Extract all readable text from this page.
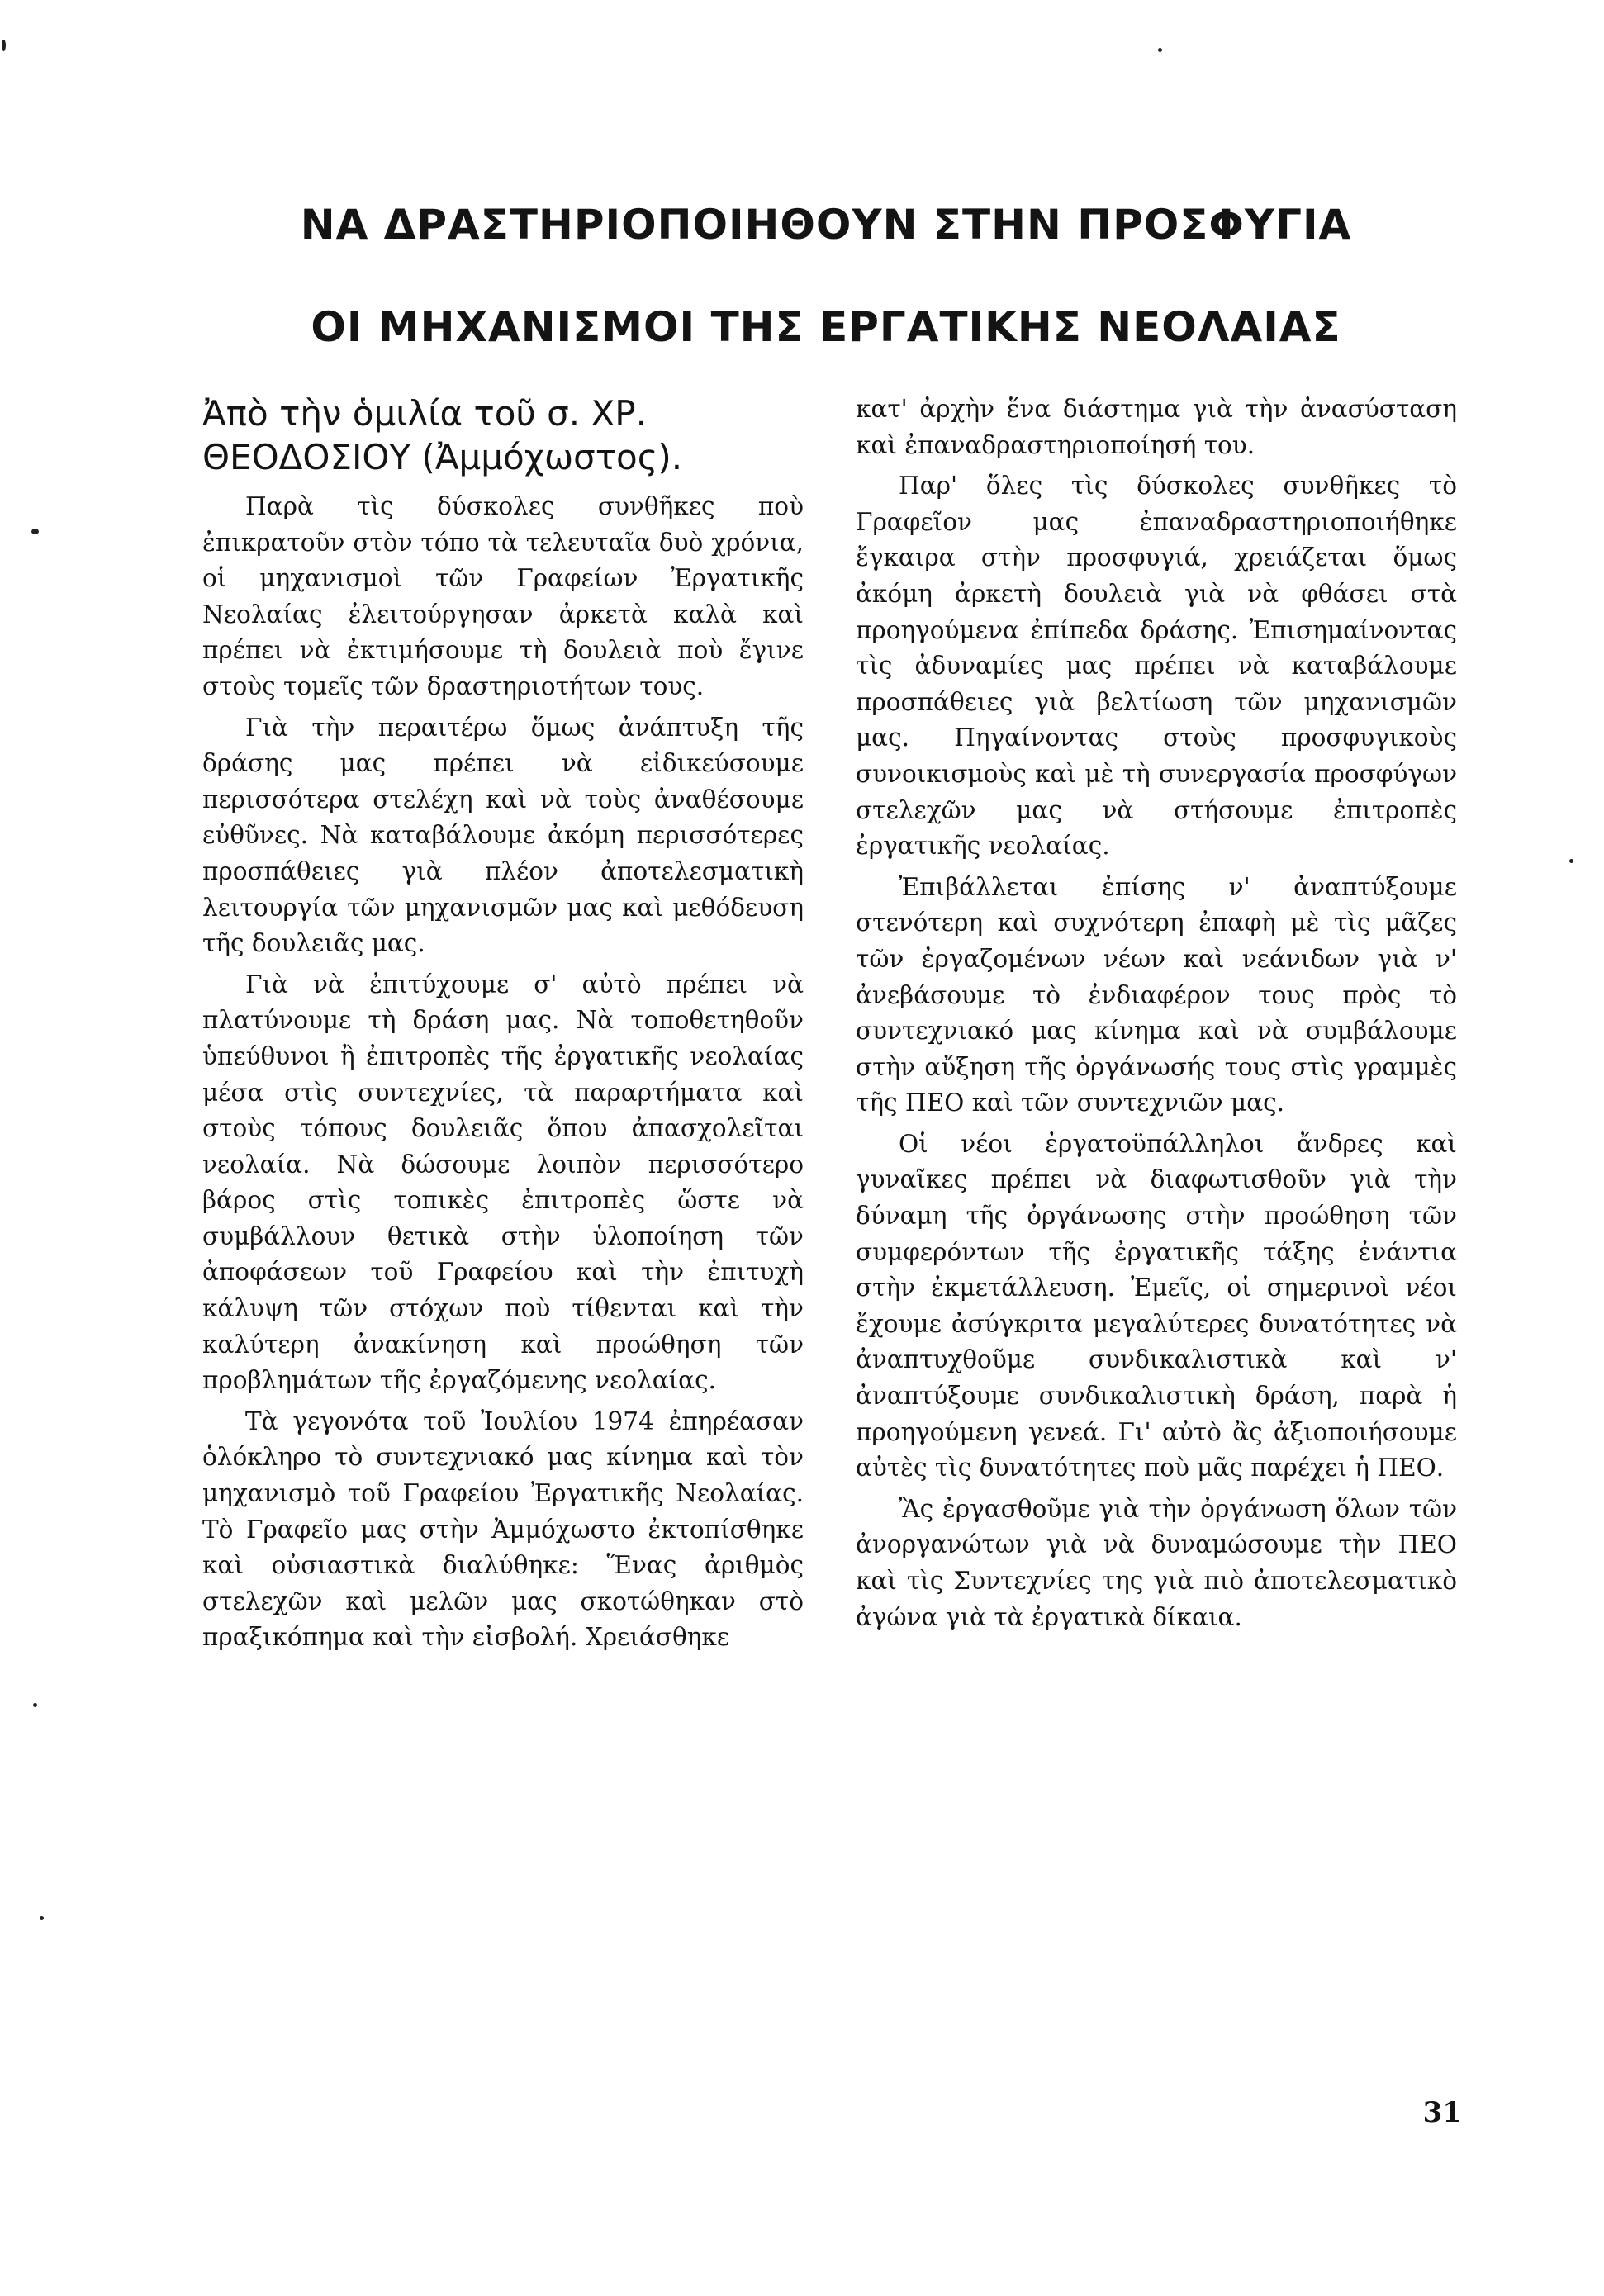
ΝΑ ΔΡΑΣΤΗΡΙΟΠΟΙΗΘΟΥΝ ΣΤΗΝ ΠΡΟΣΦΥΓΙΑ
ΟΙ ΜΗΧΑΝΙΣΜΟΙ ΤΗΣ ΕΡΓΑΤΙΚΗΣ ΝΕΟΛΑΙΑΣ

Ἀπὸ τὴν ὁμιλία τοῦ σ. ΧΡ. ΘΕΟΔΟΣΙΟΥ (Ἀμμόχωστος).

Παρὰ τὶς δύσκολες συνθῆκες ποὺ ἐπικρατοῦν στὸν τόπο τὰ τελευταῖα δυὸ χρόνια, οἱ μηχανισμοὶ τῶν Γραφείων Ἐργατικῆς Νεολαίας ἐλειτούργησαν ἀρκετὰ καλὰ καὶ πρέπει νὰ ἐκτιμήσουμε τὴ δουλειὰ ποὺ ἔγινε στοὺς τομεῖς τῶν δραστηριοτήτων τους.

Γιὰ τὴν περαιτέρω ὅμως ἀνάπτυξη τῆς δράσης μας πρέπει νὰ εἰδικεύσουμε περισσότερα στελέχη καὶ νὰ τοὺς ἀναθέσουμε εὐθῦνες. Νὰ καταβάλουμε ἀκόμη περισσότερες προσπάθειες γιὰ πλέον ἀποτελεσματικὴ λειτουργία τῶν μηχανισμῶν μας καὶ μεθόδευση τῆς δουλειᾶς μας.

Γιὰ νὰ ἐπιτύχουμε σ' αὐτὸ πρέπει νὰ πλατύνουμε τὴ δράση μας. Νὰ τοποθετηθοῦν ὑπεύθυνοι ἢ ἐπιτροπὲς τῆς ἐργατικῆς νεολαίας μέσα στὶς συντεχνίες, τὰ παραρτήματα καὶ στοὺς τόπους δουλειᾶς ὅπου ἀπασχολεῖται νεολαία. Νὰ δώσουμε λοιπὸν περισσότερο βάρος στὶς τοπικὲς ἐπιτροπὲς ὥστε νὰ συμβάλλουν θετικὰ στὴν ὑλοποίηση τῶν ἀποφάσεων τοῦ Γραφείου καὶ τὴν ἐπιτυχὴ κάλυψη τῶν στόχων ποὺ τίθενται καὶ τὴν καλύτερη ἀνακίνηση καὶ προώθηση τῶν προβλημάτων τῆς ἐργαζόμενης νεολαίας.

Τὰ γεγονότα τοῦ Ἰουλίου 1974 ἐπηρέασαν ὁλόκληρο τὸ συντεχνιακό μας κίνημα καὶ τὸν μηχανισμὸ τοῦ Γραφείου Ἐργατικῆς Νεολαίας. Τὸ Γραφεῖο μας στὴν Ἀμμόχωστο ἐκτοπίσθηκε καὶ οὐσιαστικὰ διαλύθηκε: Ἕνας ἀριθμὸς στελεχῶν καὶ μελῶν μας σκοτώθηκαν στὸ πραξικόπημα καὶ τὴν εἰσβολή. Χρειάσθηκε

κατ' ἀρχὴν ἕνα διάστημα γιὰ τὴν ἀνασύσταση καὶ ἐπαναδραστηριοποίησή του.

Παρ' ὅλες τὶς δύσκολες συνθῆκες τὸ Γραφεῖον μας ἐπαναδραστηριοποιήθηκε ἔγκαιρα στὴν προσφυγιά, χρειάζεται ὅμως ἀκόμη ἀρκετὴ δουλειὰ γιὰ νὰ φθάσει στὰ προηγούμενα ἐπίπεδα δράσης. Ἐπισημαίνοντας τὶς ἀδυναμίες μας πρέπει νὰ καταβάλουμε προσπάθειες γιὰ βελτίωση τῶν μηχανισμῶν μας. Πηγαίνοντας στοὺς προσφυγικοὺς συνοικισμοὺς καὶ μὲ τὴ συνεργασία προσφύγων στελεχῶν μας νὰ στήσουμε ἐπιτροπὲς ἐργατικῆς νεολαίας.

Ἐπιβάλλεται ἐπίσης ν' ἀναπτύξουμε στενότερη καὶ συχνότερη ἐπαφὴ μὲ τὶς μᾶζες τῶν ἐργαζομένων νέων καὶ νεάνιδων γιὰ ν' ἀνεβάσουμε τὸ ἐνδιαφέρον τους πρὸς τὸ συντεχνιακό μας κίνημα καὶ νὰ συμβάλουμε στὴν αὔξηση τῆς ὀργάνωσής τους στὶς γραμμὲς τῆς ΠΕΟ καὶ τῶν συντεχνιῶν μας.

Οἱ νέοι ἐργατοϋπάλληλοι ἄνδρες καὶ γυναῖκες πρέπει νὰ διαφωτισθοῦν γιὰ τὴν δύναμη τῆς ὀργάνωσης στὴν προώθηση τῶν συμφερόντων τῆς ἐργατικῆς τάξης ἐνάντια στὴν ἐκμετάλλευση. Ἐμεῖς, οἱ σημερινοὶ νέοι ἔχουμε ἀσύγκριτα μεγαλύτερες δυνατότητες νὰ ἀναπτυχθοῦμε συνδικαλιστικὰ καὶ ν' ἀναπτύξουμε συνδικαλιστικὴ δράση, παρὰ ἡ προηγούμενη γενεά. Γι' αὐτὸ ἂς ἀξιοποιήσουμε αὐτὲς τὶς δυνατότητες ποὺ μᾶς παρέχει ἡ ΠΕΟ.

Ἂς ἐργασθοῦμε γιὰ τὴν ὀργάνωση ὅλων τῶν ἀνοργανώτων γιὰ νὰ δυναμώσουμε τὴν ΠΕΟ καὶ τὶς Συντεχνίες της γιὰ πιὸ ἀποτελεσματικὸ ἀγώνα γιὰ τὰ ἐργατικὰ δίκαια.

31
